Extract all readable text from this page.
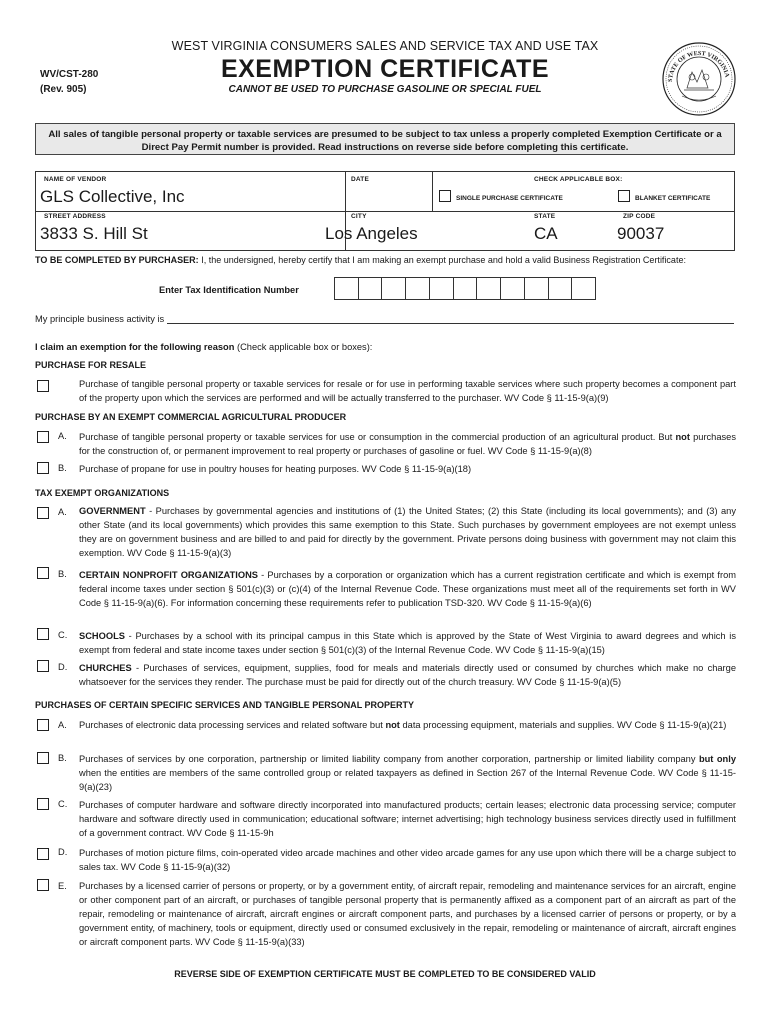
WV/CST-280
(Rev. 905)
WEST VIRGINIA CONSUMERS SALES AND SERVICE TAX AND USE TAX
EXEMPTION CERTIFICATE
CANNOT BE USED TO PURCHASE GASOLINE OR SPECIAL FUEL
STATE OF WEST VIRGINIA
All sales of tangible personal property or taxable services are presumed to be subject to tax unless a properly completed Exemption Certificate or a Direct Pay Permit number is provided. Read instructions on reverse side before completing this certificate.
NAME OF VENDOR
GLS Collective, Inc
DATE	CHECK APPLICABLE BOX:
SINGLE PURCHASE CERTIFICATE	BLANKET CERTIFICATE
STREET ADDRESS
3833 S. Hill St
CITY
Los Angeles
STATE
CA
ZIP CODE
90037
TO BE COMPLETED BY PURCHASER: I, the undersigned, hereby certify that I am making an exempt purchase and hold a valid Business Registration Certificate:
Enter Tax Identification Number
My principle business activity is
I claim an exemption for the following reason (Check applicable box or boxes):
PURCHASE FOR RESALE
Purchase of tangible personal property or taxable services for resale or for use in performing taxable services where such property becomes a component part of the property upon which the services are performed and will be actually transferred to the purchaser. WV Code § 11-15-9(a)(9)
PURCHASE BY AN EXEMPT COMMERCIAL AGRICULTURAL PRODUCER
A. Purchase of tangible personal property or taxable services for use or consumption in the commercial production of an agricultural product. But not purchases for the construction of, or permanent improvement to real property or purchases of gasoline or fuel. WV Code § 11-15-9(a)(8)
B. Purchase of propane for use in poultry houses for heating purposes. WV Code § 11-15-9(a)(18)
TAX EXEMPT ORGANIZATIONS
A. GOVERNMENT - Purchases by governmental agencies and institutions of (1) the United States; (2) this State (including its local governments); and (3) any other State (and its local governments) which provides this same exemption to this State. Such purchases by government employees are not exempt unless they are on government business and are billed to and paid for directly by the government. Private persons doing business with government may not claim this exemption. WV Code § 11-15-9(a)(3)
B. CERTAIN NONPROFIT ORGANIZATIONS - Purchases by a corporation or organization which has a current registration certificate and which is exempt from federal income taxes under section § 501(c)(3) or (c)(4) of the Internal Revenue Code. These organizations must meet all of the requirements set forth in WV Code § 11-15-9(a)(6). For information concerning these requirements refer to publication TSD-320. WV Code § 11-15-9(a)(6)
C. SCHOOLS - Purchases by a school with its principal campus in this State which is approved by the State of West Virginia to award degrees and which is exempt from federal and state income taxes under section § 501(c)(3) of the Internal Revenue Code. WV Code § 11-15-9(a)(15)
D. CHURCHES - Purchases of services, equipment, supplies, food for meals and materials directly used or consumed by churches which make no charge whatsoever for the services they render. The purchase must be paid for directly out of the church treasury. WV Code § 11-15-9(a)(5)
PURCHASES OF CERTAIN SPECIFIC SERVICES AND TANGIBLE PERSONAL PROPERTY
A. Purchases of electronic data processing services and related software but not data processing equipment, materials and supplies. WV Code § 11-15-9(a)(21)
B. Purchases of services by one corporation, partnership or limited liability company from another corporation, partnership or limited liability company but only when the entities are members of the same controlled group or related taxpayers as defined in Section 267 of the Internal Revenue Code. WV Code § 11-15-9(a)(23)
C. Purchases of computer hardware and software directly incorporated into manufactured products; certain leases; electronic data processing service; computer hardware and software directly used in communication; educational software; internet advertising; high technology business services directly used in fulfillment of a government contract. WV Code § 11-15-9h
D. Purchases of motion picture films, coin-operated video arcade machines and other video arcade games for any use upon which there will be a charge subject to sales tax. WV Code § 11-15-9(a)(32)
E. Purchases by a licensed carrier of persons or property, or by a government entity, of aircraft repair, remodeling and maintenance services for an aircraft, engine or other component part of an aircraft, or purchases of tangible personal property that is permanently affixed as a component part of an aircraft as part of the repair, remodeling or maintenance of aircraft, aircraft engines or aircraft component parts, and purchases by a licensed carrier of persons or property, or by a government entity, of machinery, tools or equipment, directly used or consumed exclusively in the repair, remodeling or maintenance of aircraft, aircraft engines or aircraft component parts. WV Code § 11-15-9(a)(33)
REVERSE SIDE OF EXEMPTION CERTIFICATE MUST BE COMPLETED TO BE CONSIDERED VALID
